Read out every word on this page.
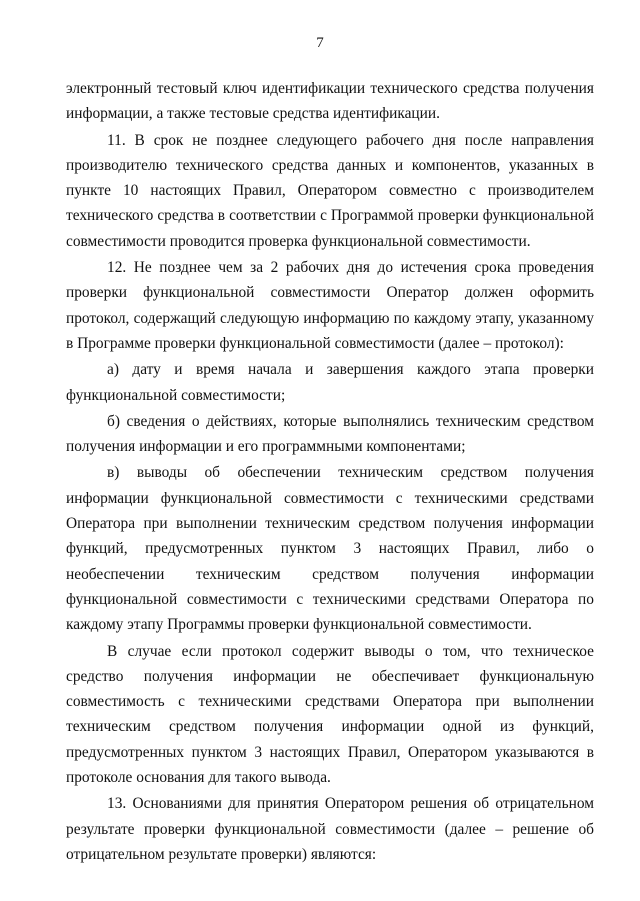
7

электронный тестовый ключ идентификации технического средства получения информации, а также тестовые средства идентификации.

11. В срок не позднее следующего рабочего дня после направления производителю технического средства данных и компонентов, указанных в пункте 10 настоящих Правил, Оператором совместно с производителем технического средства в соответствии с Программой проверки функциональной совместимости проводится проверка функциональной совместимости.

12. Не позднее чем за 2 рабочих дня до истечения срока проведения проверки функциональной совместимости Оператор должен оформить протокол, содержащий следующую информацию по каждому этапу, указанному в Программе проверки функциональной совместимости (далее – протокол):

а) дату и время начала и завершения каждого этапа проверки функциональной совместимости;

б) сведения о действиях, которые выполнялись техническим средством получения информации и его программными компонентами;

в) выводы об обеспечении техническим средством получения информации функциональной совместимости с техническими средствами Оператора при выполнении техническим средством получения информации функций, предусмотренных пунктом 3 настоящих Правил, либо о необеспечении техническим средством получения информации функциональной совместимости с техническими средствами Оператора по каждому этапу Программы проверки функциональной совместимости.

В случае если протокол содержит выводы о том, что техническое средство получения информации не обеспечивает функциональную совместимость с техническими средствами Оператора при выполнении техническим средством получения информации одной из функций, предусмотренных пунктом 3 настоящих Правил, Оператором указываются в протоколе основания для такого вывода.

13. Основаниями для принятия Оператором решения об отрицательном результате проверки функциональной совместимости (далее – решение об отрицательном результате проверки) являются:
